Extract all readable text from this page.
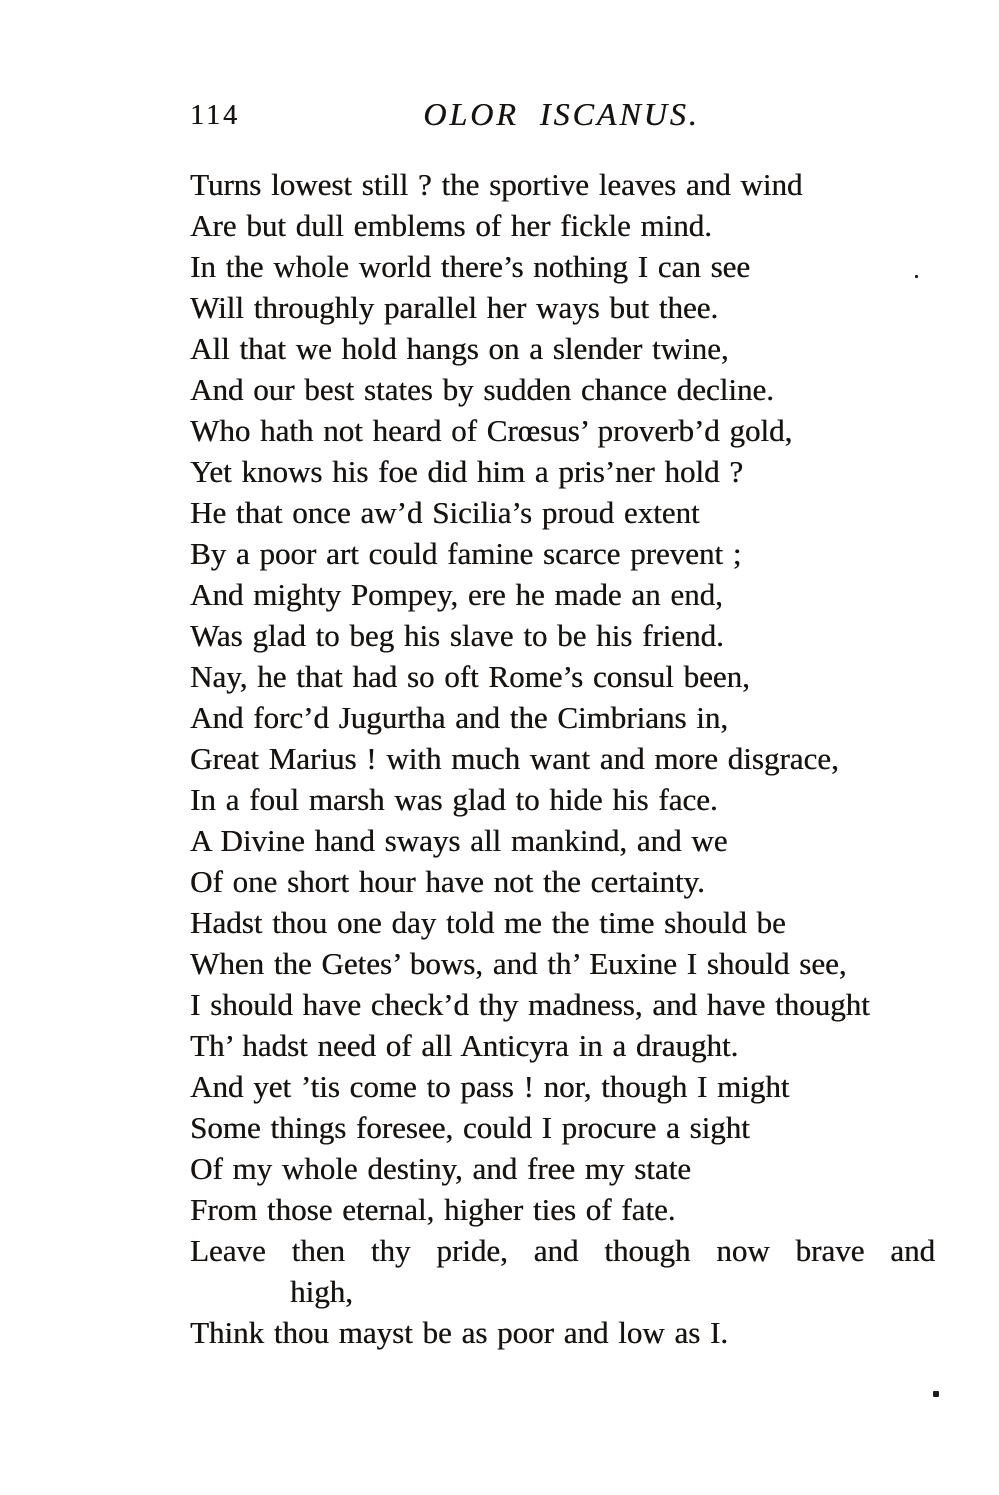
114	OLOR ISCANUS.
Turns lowest still ? the sportive leaves and wind
Are but dull emblems of her fickle mind.
In the whole world there’s nothing I can see
Will throughly parallel her ways but thee.
All that we hold hangs on a slender twine,
And our best states by sudden chance decline.
Who hath not heard of Crœsus’ proverb’d gold,
Yet knows his foe did him a pris’ner hold ?
He that once aw’d Sicilia’s proud extent
By a poor art could famine scarce prevent ;
And mighty Pompey, ere he made an end,
Was glad to beg his slave to be his friend.
Nay, he that had so oft Rome’s consul been,
And forc’d Jugurtha and the Cimbrians in,
Great Marius ! with much want and more disgrace,
In a foul marsh was glad to hide his face.
A Divine hand sways all mankind, and we
Of one short hour have not the certainty.
Hadst thou one day told me the time should be
When the Getes’ bows, and th’ Euxine I should see,
I should have check’d thy madness, and have thought
Th’ hadst need of all Anticyra in a draught.
And yet ’tis come to pass ! nor, though I might
Some things foresee, could I procure a sight
Of my whole destiny, and free my state
From those eternal, higher ties of fate.
Leave then thy pride, and though now brave and
high,
Think thou mayst be as poor and low as I.
